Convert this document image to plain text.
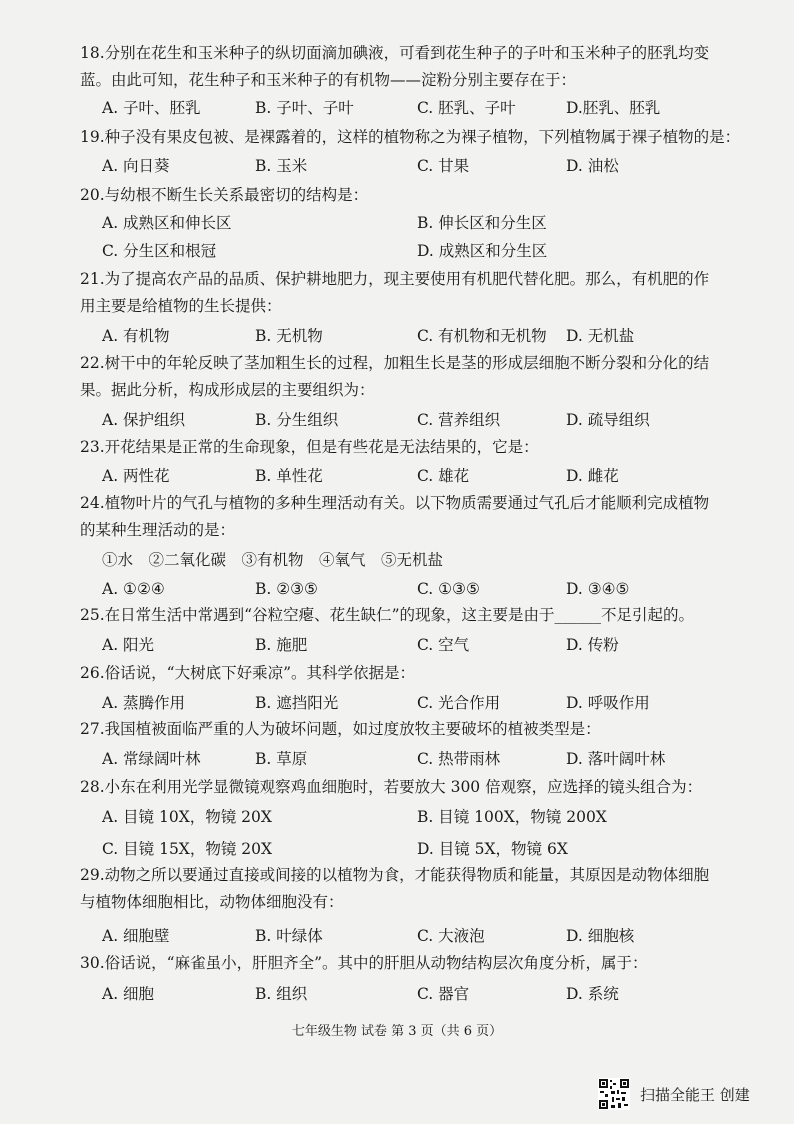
18.分别在花生和玉米种子的纵切面滴加碘液，可看到花生种子的子叶和玉米种子的胚乳均变
蓝。由此可知，花生种子和玉米种子的有机物——淀粉分别主要存在于：
A. 子叶、胚乳	B. 子叶、子叶	C. 胚乳、子叶	D.胚乳、胚乳
19.种子没有果皮包被、是裸露着的，这样的植物称之为裸子植物，下列植物属于裸子植物的是：
A. 向日葵	B. 玉米	C. 甘果	D. 油松
20.与幼根不断生长关系最密切的结构是：
A. 成熟区和伸长区	B. 伸长区和分生区
C. 分生区和根冠	D. 成熟区和分生区
21.为了提高农产品的品质、保护耕地肥力，现主要使用有机肥代替化肥。那么，有机肥的作
用主要是给植物的生长提供：
A. 有机物	B. 无机物	C. 有机物和无机物 D. 无机盐
22.树干中的年轮反映了茎加粗生长的过程，加粗生长是茎的形成层细胞不断分裂和分化的结
果。据此分析，构成形成层的主要组织为：
A. 保护组织	B. 分生组织	C. 营养组织	D. 疏导组织
23.开花结果是正常的生命现象，但是有些花是无法结果的，它是：
A. 两性花	B. 单性花	C. 雄花	D. 雌花
24.植物叶片的气孔与植物的多种生理活动有关。以下物质需要通过气孔后才能顺利完成植物
的某种生理活动的是：
①水　②二氧化碳　③有机物　④氧气　⑤无机盐
A. ①②④	B. ②③⑤	C. ①③⑤	D. ③④⑤
25.在日常生活中常遇到“谷粒空瘪、花生缺仁”的现象，这主要是由于______不足引起的。
A. 阳光	B. 施肥	C. 空气	D. 传粉
26.俗话说，“大树底下好乘凉”。其科学依据是：
A. 蒸腾作用	B. 遮挡阳光	C. 光合作用	D. 呼吸作用
27.我国植被面临严重的人为破坏问题，如过度放牧主要破坏的植被类型是：
A. 常绿阔叶林	B. 草原	C. 热带雨林	D. 落叶阔叶林
28.小东在利用光学显微镜观察鸡血细胞时，若要放大 300 倍观察，应选择的镜头组合为：
A. 目镜 10X，物镜 20X	B. 目镜 100X，物镜 200X
C. 目镜 15X，物镜 20X	D. 目镜 5X，物镜 6X
29.动物之所以要通过直接或间接的以植物为食，才能获得物质和能量，其原因是动物体细胞
与植物体细胞相比，动物体细胞没有：
A. 细胞壁	B. 叶绿体	C. 大液泡	D. 细胞核
30.俗话说，“麻雀虽小，肝胆齐全”。其中的肝胆从动物结构层次角度分析，属于：
A. 细胞	B. 组织	C. 器官	D. 系统
七年级生物 试卷 第 3 页（共 6 页）
扫描全能王 创建
